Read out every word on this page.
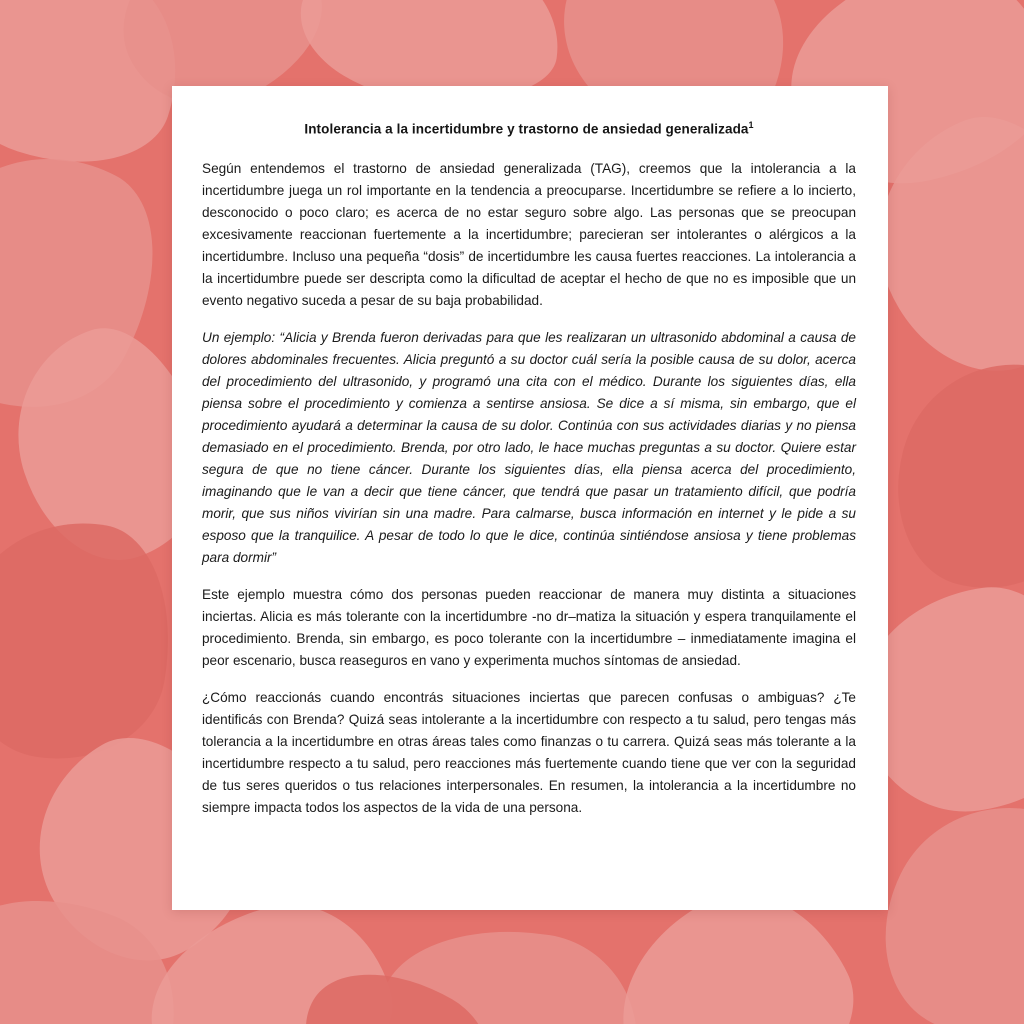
Intolerancia a la incertidumbre y trastorno de ansiedad generalizada$^1$

Según entendemos el trastorno de ansiedad generalizada (TAG), creemos que la intolerancia a la incertidumbre juega un rol importante en la tendencia a preocuparse. Incertidumbre se refiere a lo incierto, desconocido o poco claro; es acerca de no estar seguro sobre algo. Las personas que se preocupan excesivamente reaccionan fuertemente a la incertidumbre; parecieran ser intolerantes o alérgicos a la incertidumbre. Incluso una pequeña “dosis” de incertidumbre les causa fuertes reacciones. La intolerancia a la incertidumbre puede ser descripta como la dificultad de aceptar el hecho de que no es imposible que un evento negativo suceda a pesar de su baja probabilidad.

Un ejemplo: “Alicia y Brenda fueron derivadas para que les realizaran un ultrasonido abdominal a causa de dolores abdominales frecuentes. Alicia preguntó a su doctor cuál sería la posible causa de su dolor, acerca del procedimiento del ultrasonido, y programó una cita con el médico. Durante los siguientes días, ella piensa sobre el procedimiento y comienza a sentirse ansiosa. Se dice a sí misma, sin embargo, que el procedimiento ayudará a determinar la causa de su dolor. Continúa con sus actividades diarias y no piensa demasiado en el procedimiento. Brenda, por otro lado, le hace muchas preguntas a su doctor. Quiere estar segura de que no tiene cáncer. Durante los siguientes días, ella piensa acerca del procedimiento, imaginando que le van a decir que tiene cáncer, que tendrá que pasar un tratamiento difícil, que podría morir, que sus niños vivirían sin una madre. Para calmarse, busca información en internet y le pide a su esposo que la tranquilice. A pesar de todo lo que le dice, continúa sintiéndose ansiosa y tiene problemas para dormir”

Este ejemplo muestra cómo dos personas pueden reaccionar de manera muy distinta a situaciones inciertas. Alicia es más tolerante con la incertidumbre -no dr–matiza la situación y espera tranquilamente el procedimiento. Brenda, sin embargo, es poco tolerante con la incertidumbre – inmediatamente imagina el peor escenario, busca reaseguros en vano y experimenta muchos síntomas de ansiedad.

¿Cómo reaccionás cuando encontrás situaciones inciertas que parecen confusas o ambiguas? ¿Te identificás con Brenda? Quizá seas intolerante a la incertidumbre con respecto a tu salud, pero tengas más tolerancia a la incertidumbre en otras áreas tales como finanzas o tu carrera. Quizá seas más tolerante a la incertidumbre respecto a tu salud, pero reacciones más fuertemente cuando tiene que ver con la seguridad de tus seres queridos o tus relaciones interpersonales. En resumen, la intolerancia a la incertidumbre no siempre impacta todos los aspectos de la vida de una persona.
